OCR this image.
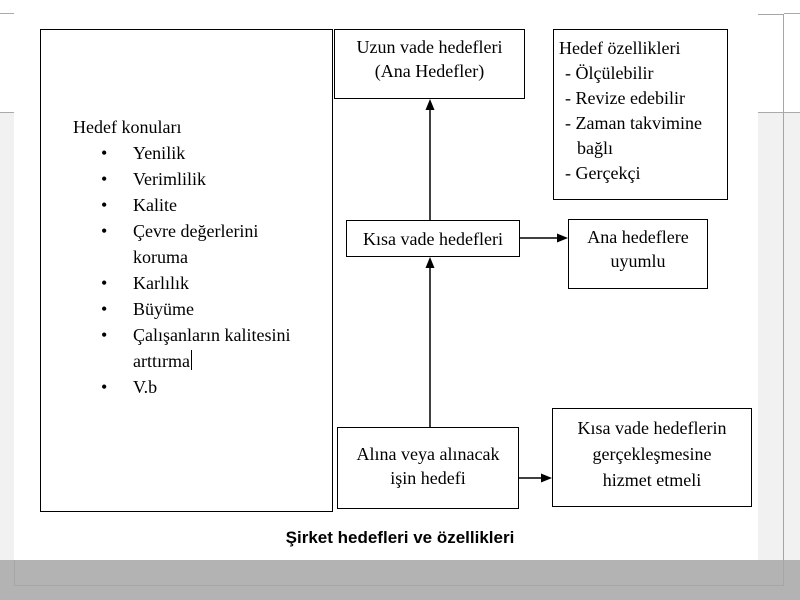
Hedef konuları
• Yenilik
• Verimlilik
• Kalite
• Çevre değerlerini
koruma
• Karlılık
• Büyüme
• Çalışanların kalitesini
arttırma
• V.b
Uzun vade hedefleri
(Ana Hedefler)
Hedef özellikleri
- Ölçülebilir
- Revize edebilir
- Zaman takvimine
bağlı
- Gerçekçi
Kısa vade hedefleri	Ana hedeflere
uyumlu
Alına veya alınacak
işin hedefi
Kısa vade hedeflerin
gerçekleşmesine
hizmet etmeli
Şirket hedefleri ve özellikleri
